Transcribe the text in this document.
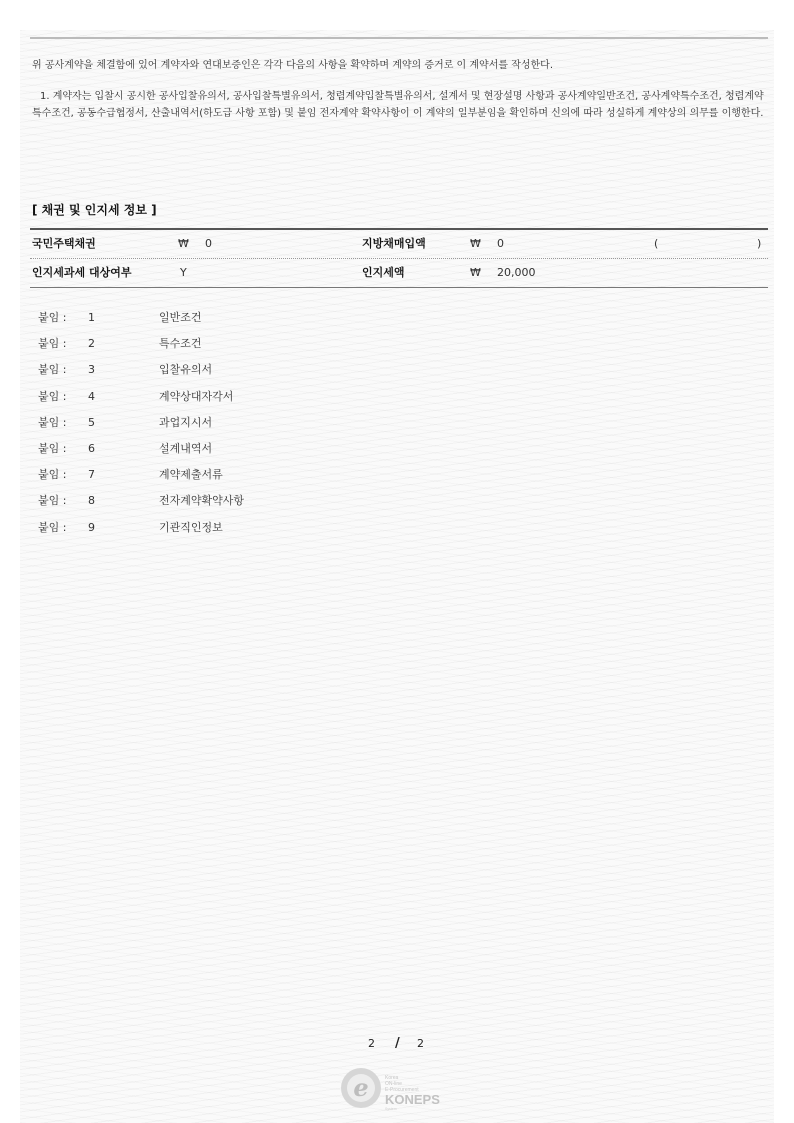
위 공사계약을 체결함에 있어 계약자와 연대보증인은 각각 다음의 사항을 확약하며 계약의 증거로 이 계약서를 작성한다.

1. 계약자는 입찰시 공시한 공사입찰유의서, 공사입찰특별유의서, 청렴계약입찰특별유의서, 설계서 및 현장설명 사항과 공사계약일반조건, 공사계약특수조건, 청렴계약특수조건, 공동수급협정서, 산출내역서(하도급 사항 포함) 및 붙임 전자계약 확약사항이 이 계약의 일부분임을 확인하며 신의에 따라 성실하게 계약상의 의무를 이행한다.

[ 채권 및 인지세 정보 ]
국민주택채권	₩ 0	지방채매입액	₩ 0	(	)
인지세과세 대상여부	Y	인지세액	₩ 20,000
붙임 : 1	일반조건
붙임 : 2	특수조건
붙임 : 3	입찰유의서
붙임 : 4	계약상대자각서
붙임 : 5	과업지시서
붙임 : 6	설계내역서
붙임 : 7	계약제출서류
붙임 : 8	전자계약확약사항
붙임 : 9	기관직인정보
2 / 2
e	Korea
ON-line
E-Procurement
KONEPS
System
